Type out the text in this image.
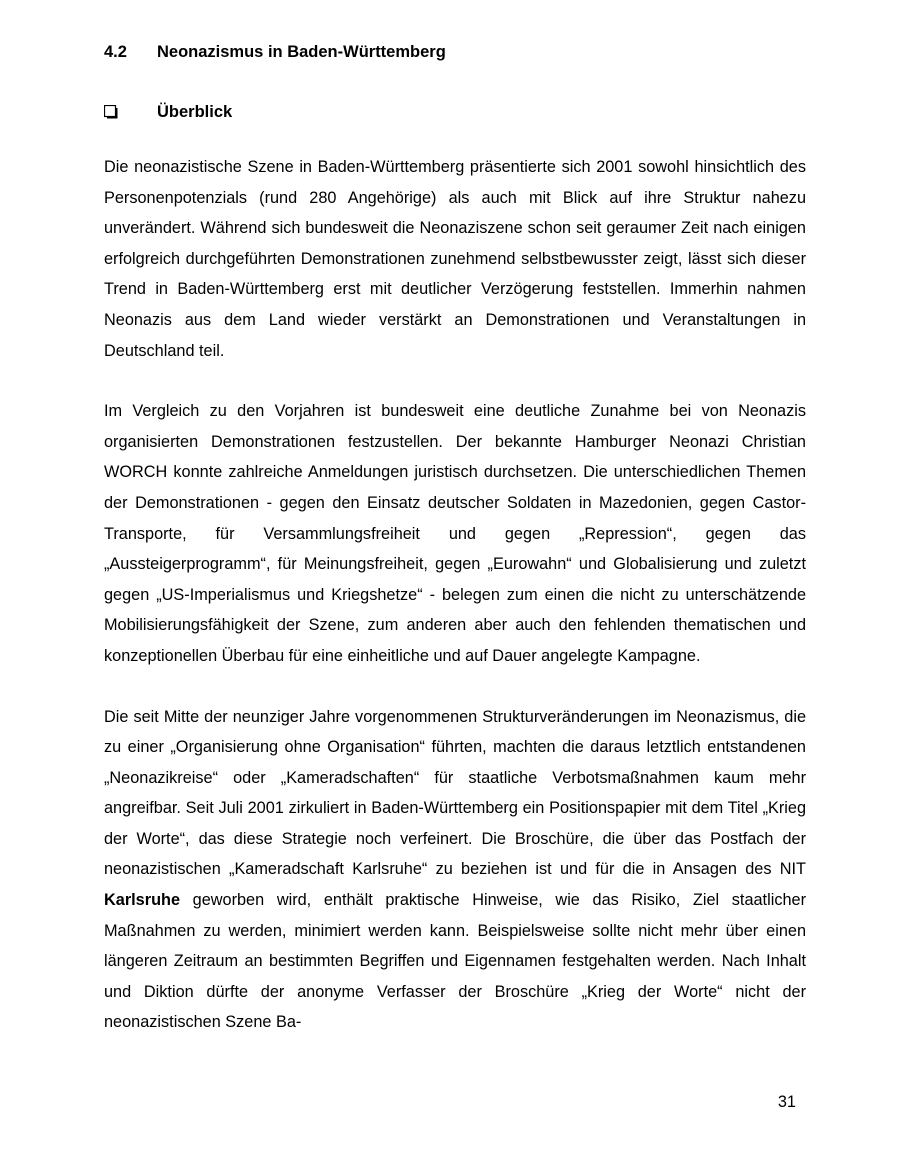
4.2	Neonazismus in Baden-Württemberg
Überblick

Die neonazistische Szene in Baden-Württemberg präsentierte sich 2001 sowohl hinsichtlich des Personenpotenzials (rund 280 Angehörige) als auch mit Blick auf ihre Struktur nahezu unverändert. Während sich bundesweit die Neonaziszene schon seit geraumer Zeit nach einigen erfolgreich durchgeführten Demonstrationen zunehmend selbstbewusster zeigt, lässt sich dieser Trend in Baden-Württemberg erst mit deutlicher Verzögerung feststellen. Immerhin nahmen Neonazis aus dem Land wieder verstärkt an Demonstrationen und Veranstaltungen in Deutschland teil.

Im Vergleich zu den Vorjahren ist bundesweit eine deutliche Zunahme bei von Neonazis organisierten Demonstrationen festzustellen. Der bekannte Hamburger Neonazi Christian WORCH konnte zahlreiche Anmeldungen juristisch durchsetzen. Die unterschiedlichen Themen der Demonstrationen - gegen den Einsatz deutscher Soldaten in Mazedonien, gegen Castor-Transporte, für Versammlungsfreiheit und gegen „Repression“, gegen das „Aussteigerprogramm“, für Meinungsfreiheit, gegen „Eurowahn“ und Globalisierung und zuletzt gegen „US-Imperialismus und Kriegshetze“ - belegen zum einen die nicht zu unterschätzende Mobilisierungsfähigkeit der Szene, zum anderen aber auch den fehlenden thematischen und konzeptionellen Überbau für eine einheitliche und auf Dauer angelegte Kampagne.

Die seit Mitte der neunziger Jahre vorgenommenen Strukturveränderungen im Neonazismus, die zu einer „Organisierung ohne Organisation“ führten, machten die daraus letztlich entstandenen „Neonazikreise“ oder „Kameradschaften“ für staatliche Verbotsmaßnahmen kaum mehr angreifbar. Seit Juli 2001 zirkuliert in Baden-Württemberg ein Positionspapier mit dem Titel „Krieg der Worte“, das diese Strategie noch verfeinert. Die Broschüre, die über das Postfach der neonazistischen „Kameradschaft Karlsruhe“ zu beziehen ist und für die in Ansagen des NIT Karlsruhe geworben wird, enthält praktische Hinweise, wie das Risiko, Ziel staatlicher Maßnahmen zu werden, minimiert werden kann. Beispielsweise sollte nicht mehr über einen längeren Zeitraum an bestimmten Begriffen und Eigennamen festgehalten werden. Nach Inhalt und Diktion dürfte der anonyme Verfasser der Broschüre „Krieg der Worte“ nicht der neonazistischen Szene Ba-

31
